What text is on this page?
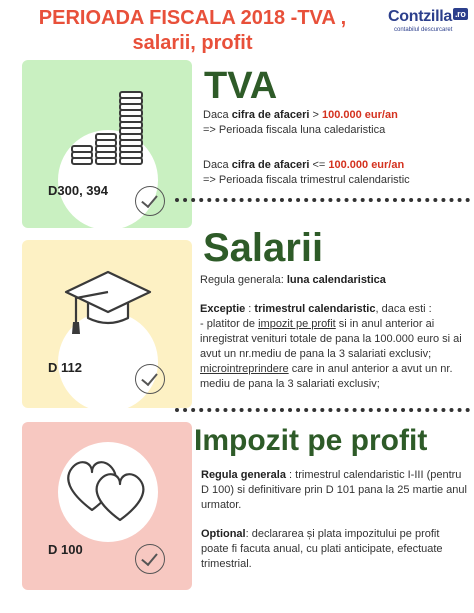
PERIOADA FISCALA 2018 -TVA ,
salarii, profit
Contzilla .ro
contabilul descurcaret
D300, 394
TVA
Daca cifra de afaceri > 100.000 eur/an
=> Perioada fiscala luna caledaristica
Daca cifra de afaceri <= 100.000 eur/an
=> Perioada fiscala trimestrul calendaristic
D 112
Salarii
Regula generala: luna calendaristica
Exceptie : trimestrul calendaristic, daca esti :
- platitor de impozit pe profit si in anul anterior ai inregistrat venituri totale de pana la 100.000 euro si ai avut un nr.mediu de pana la 3 salariati exclusiv;
microintreprindere care in anul anterior a avut un nr. mediu de pana la 3 salariati exclusiv;
D 100
Impozit pe profit
Regula generala : trimestrul calendaristic I-III (pentru D 100) si definitivare prin D 101 pana la 25 martie anul urmator.
Optional: declararea și plata impozitului pe profit poate fi facuta anual, cu plati anticipate, efectuate trimestrial.
